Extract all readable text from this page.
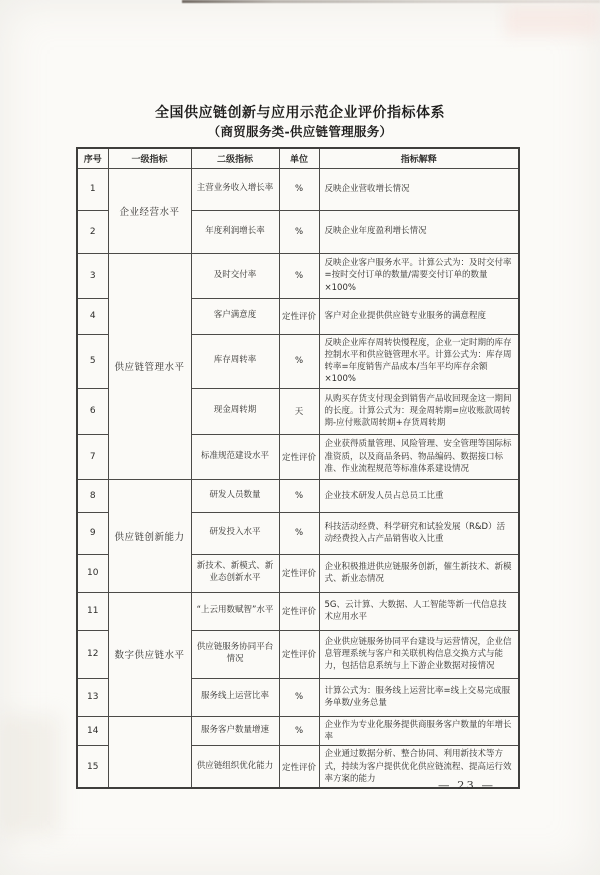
全国供应链创新与应用示范企业评价指标体系
（商贸服务类-供应链管理服务）
序号	一级指标	二级指标	单位	指标解释
1	企业经营水平	主营业务收入增长率	%	反映企业营收增长情况
2		年度利润增长率	%	反映企业年度盈利增长情况
3	供应链管理水平	及时交付率	%	反映企业客户服务水平。计算公式为：及时交付率=按时交付订单的数量/需要交付订单的数量×100%
4		客户满意度	定性评价	客户对企业提供供应链专业服务的满意程度
5		库存周转率	%	反映企业库存周转快慢程度，企业一定时期的库存控制水平和供应链管理水平。计算公式为：库存周转率=年度销售产品成本/当年平均库存余额×100%
6		现金周转期	天	从购买存货支付现金到销售产品收回现金这一期间的长度。计算公式为：现金周转期=应收账款周转期-应付账款周转期+存货周转期
7		标准规范建设水平	定性评价	企业获得质量管理、风险管理、安全管理等国际标准资质，以及商品条码、物品编码、数据接口标准、作业流程规范等标准体系建设情况
8	供应链创新能力	研发人员数量	%	企业技术研发人员占总员工比重
9		研发投入水平	%	科技活动经费、科学研究和试验发展（R&D）活动经费投入占产品销售收入比重
10		新技术、新模式、新业态创新水平	定性评价	企业积极推进供应链服务创新，催生新技术、新模式、新业态情况
11	数字供应链水平	“上云用数赋智”水平	定性评价	5G、云计算、大数据、人工智能等新一代信息技术应用水平
12		供应链服务协同平台情况	定性评价	企业供应链服务协同平台建设与运营情况，企业信息管理系统与客户和关联机构信息交换方式与能力，包括信息系统与上下游企业数据对接情况
13		服务线上运营比率	%	计算公式为：服务线上运营比率=线上交易完成服务单数/业务总量
14		服务客户数量增速	%	企业作为专业化服务提供商服务客户数量的年增长率
15		供应链组织优化能力	定性评价	企业通过数据分析、整合协同、利用新技术等方式，持续为客户提供优化供应链流程、提高运行效率方案的能力	— 23 —
